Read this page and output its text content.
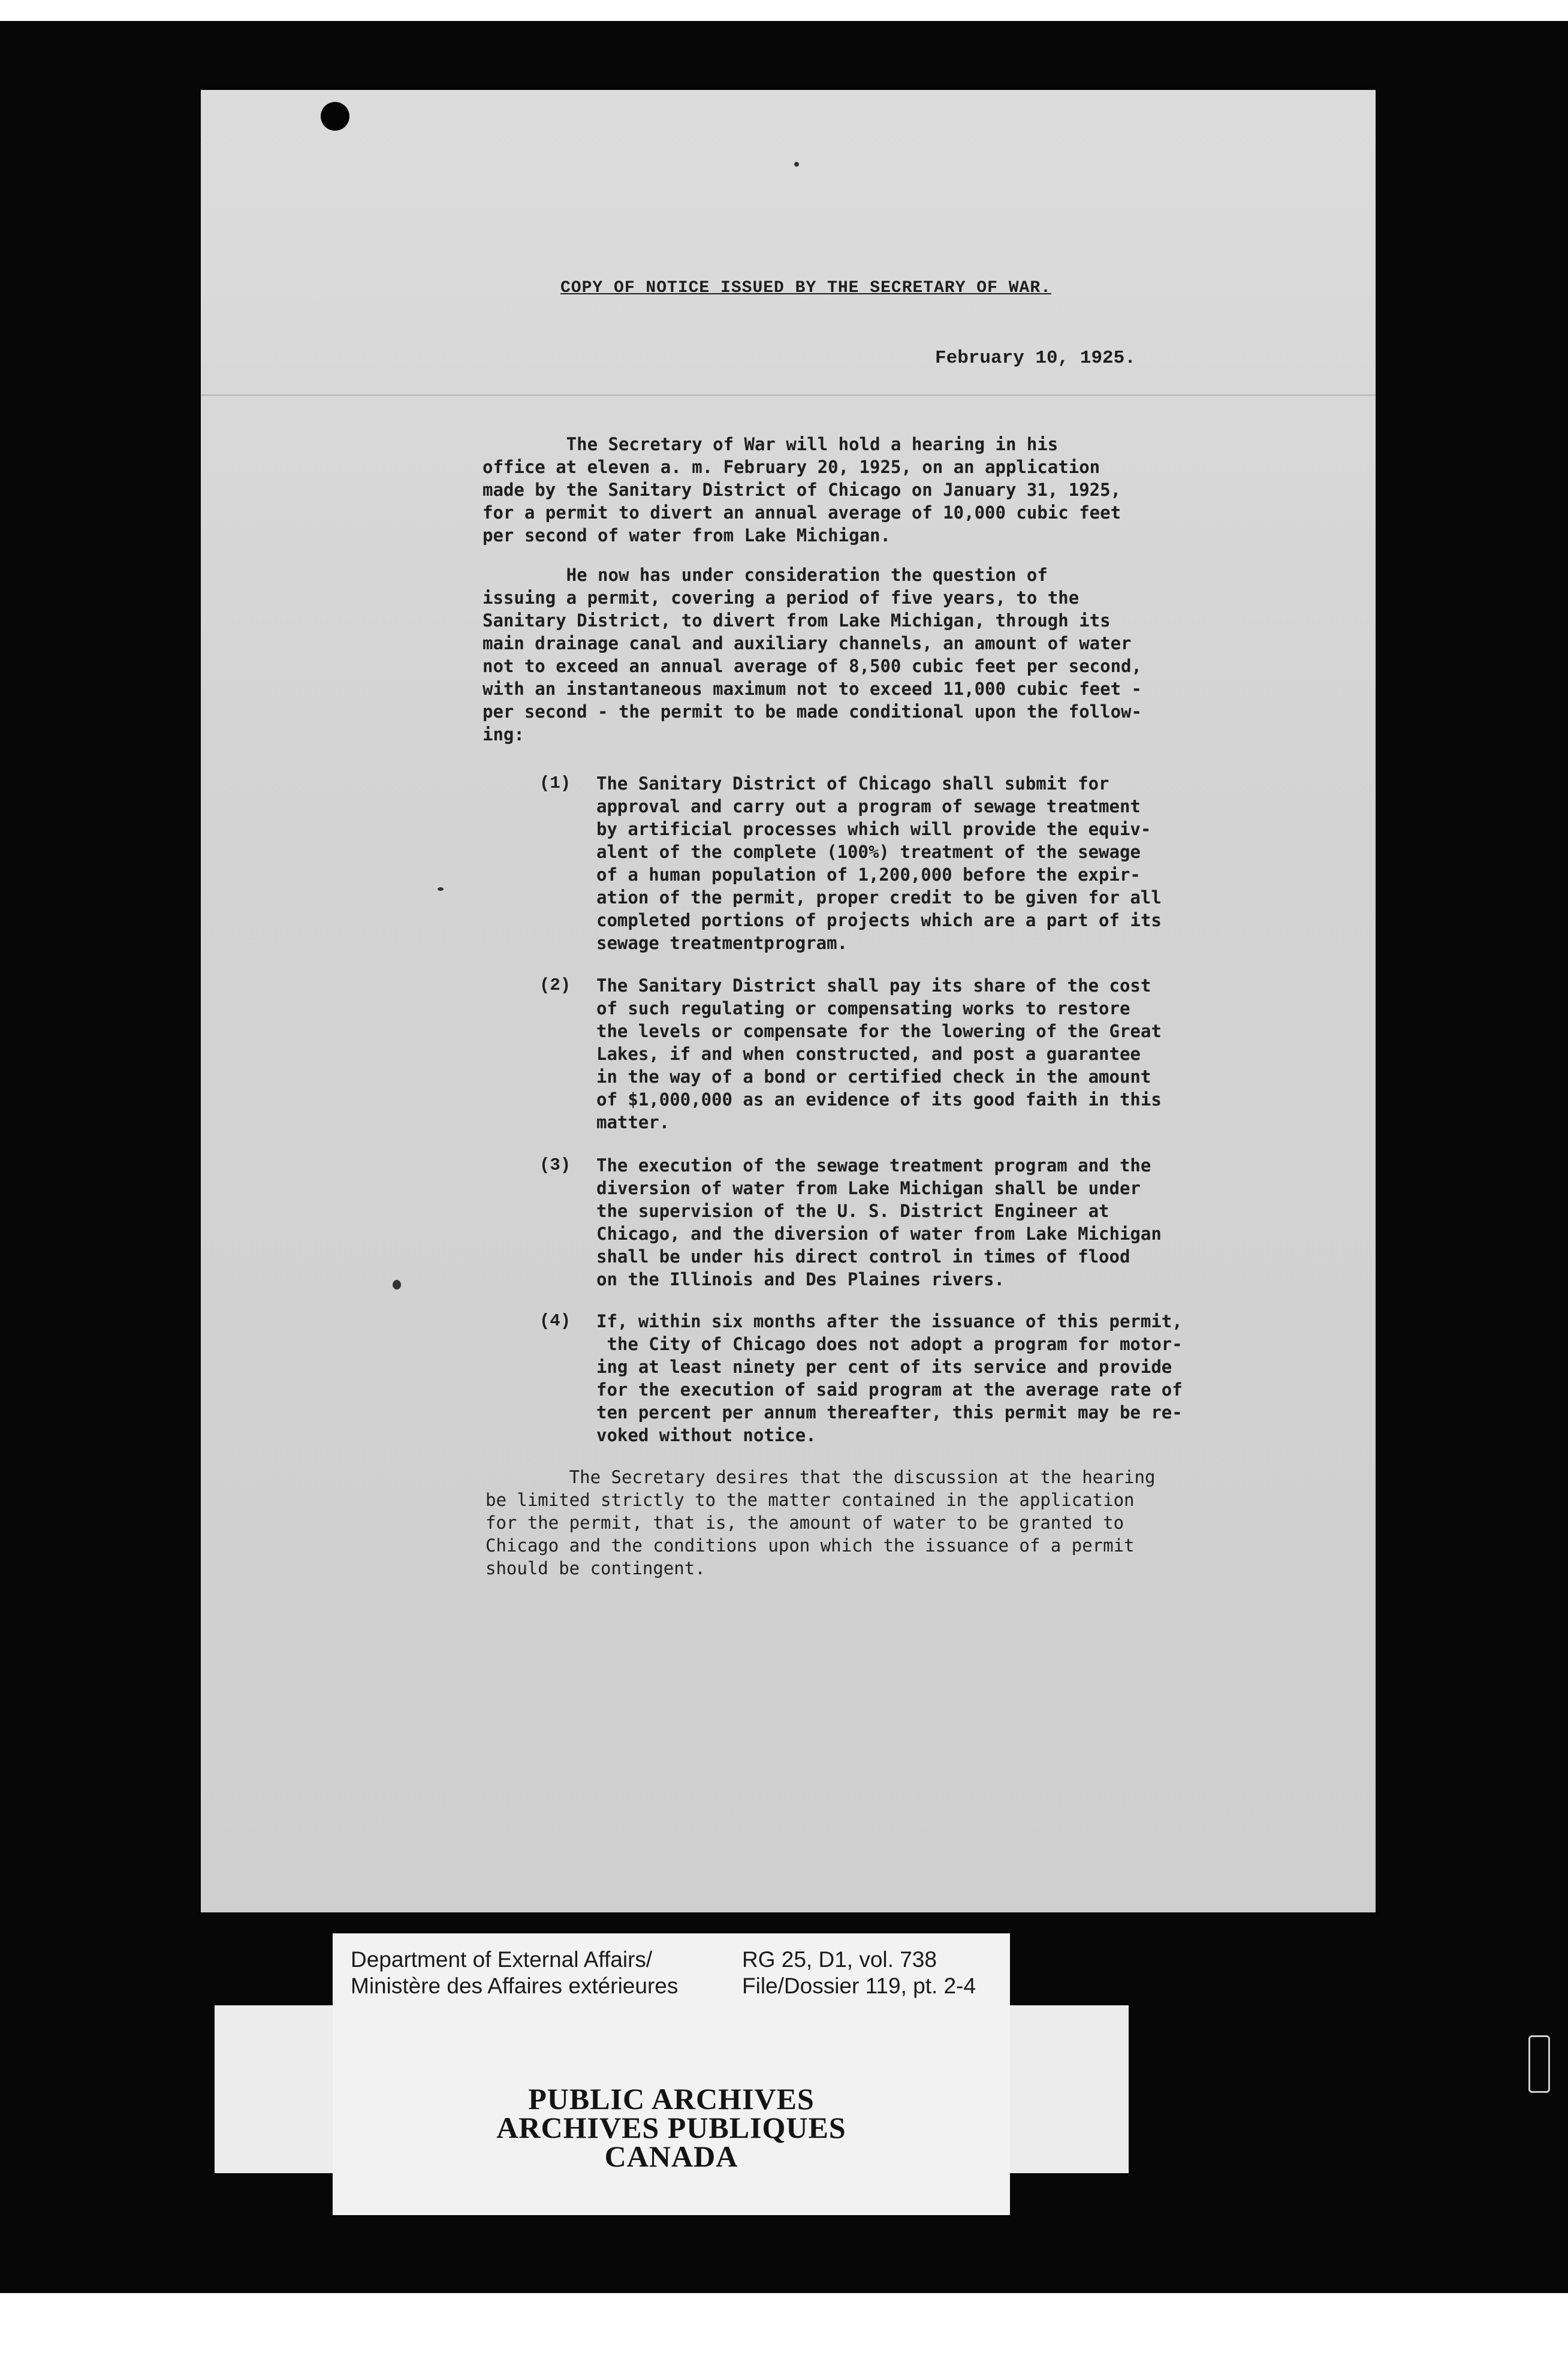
COPY OF NOTICE ISSUED BY THE SECRETARY OF WAR.
February 10, 1925.
The Secretary of War will hold a hearing in his
office at eleven a. m. February 20, 1925, on an application
made by the Sanitary District of Chicago on January 31, 1925,
for a permit to divert an annual average of 10,000 cubic feet
per second of water from Lake Michigan.
He now has under consideration the question of
issuing a permit, covering a period of five years, to the
Sanitary District, to divert from Lake Michigan, through its
main drainage canal and auxiliary channels, an amount of water
not to exceed an annual average of 8,500 cubic feet per second,
with an instantaneous maximum not to exceed 11,000 cubic feet -
per second - the permit to be made conditional upon the follow-
ing:
(1) The Sanitary District of Chicago shall submit for
approval and carry out a program of sewage treatment
by artificial processes which will provide the equiv-
alent of the complete (100%) treatment of the sewage
of a human population of 1,200,000 before the expir-
ation of the permit, proper credit to be given for all
completed portions of projects which are a part of its
sewage treatmentprogram.
(2) The Sanitary District shall pay its share of the cost
of such regulating or compensating works to restore
the levels or compensate for the lowering of the Great
Lakes, if and when constructed, and post a guarantee
in the way of a bond or certified check in the amount
of $1,000,000 as an evidence of its good faith in this
matter.
(3) The execution of the sewage treatment program and the
diversion of water from Lake Michigan shall be under
the supervision of the U. S. District Engineer at
Chicago, and the diversion of water from Lake Michigan
shall be under his direct control in times of flood
on the Illinois and Des Plaines rivers.
(4) If, within six months after the issuance of this permit,
the City of Chicago does not adopt a program for motor-
ing at least ninety per cent of its service and provide
for the execution of said program at the average rate of
ten percent per annum thereafter, this permit may be re-
voked without notice.
The Secretary desires that the discussion at the hearing
be limited strictly to the matter contained in the application
for the permit, that is, the amount of water to be granted to
Chicago and the conditions upon which the issuance of a permit
should be contingent.
Department of External Affairs/
Ministère des Affaires extérieures
RG 25, D1, vol. 738
File/Dossier 119, pt. 2-4
PUBLIC ARCHIVES
ARCHIVES PUBLIQUES
CANADA
